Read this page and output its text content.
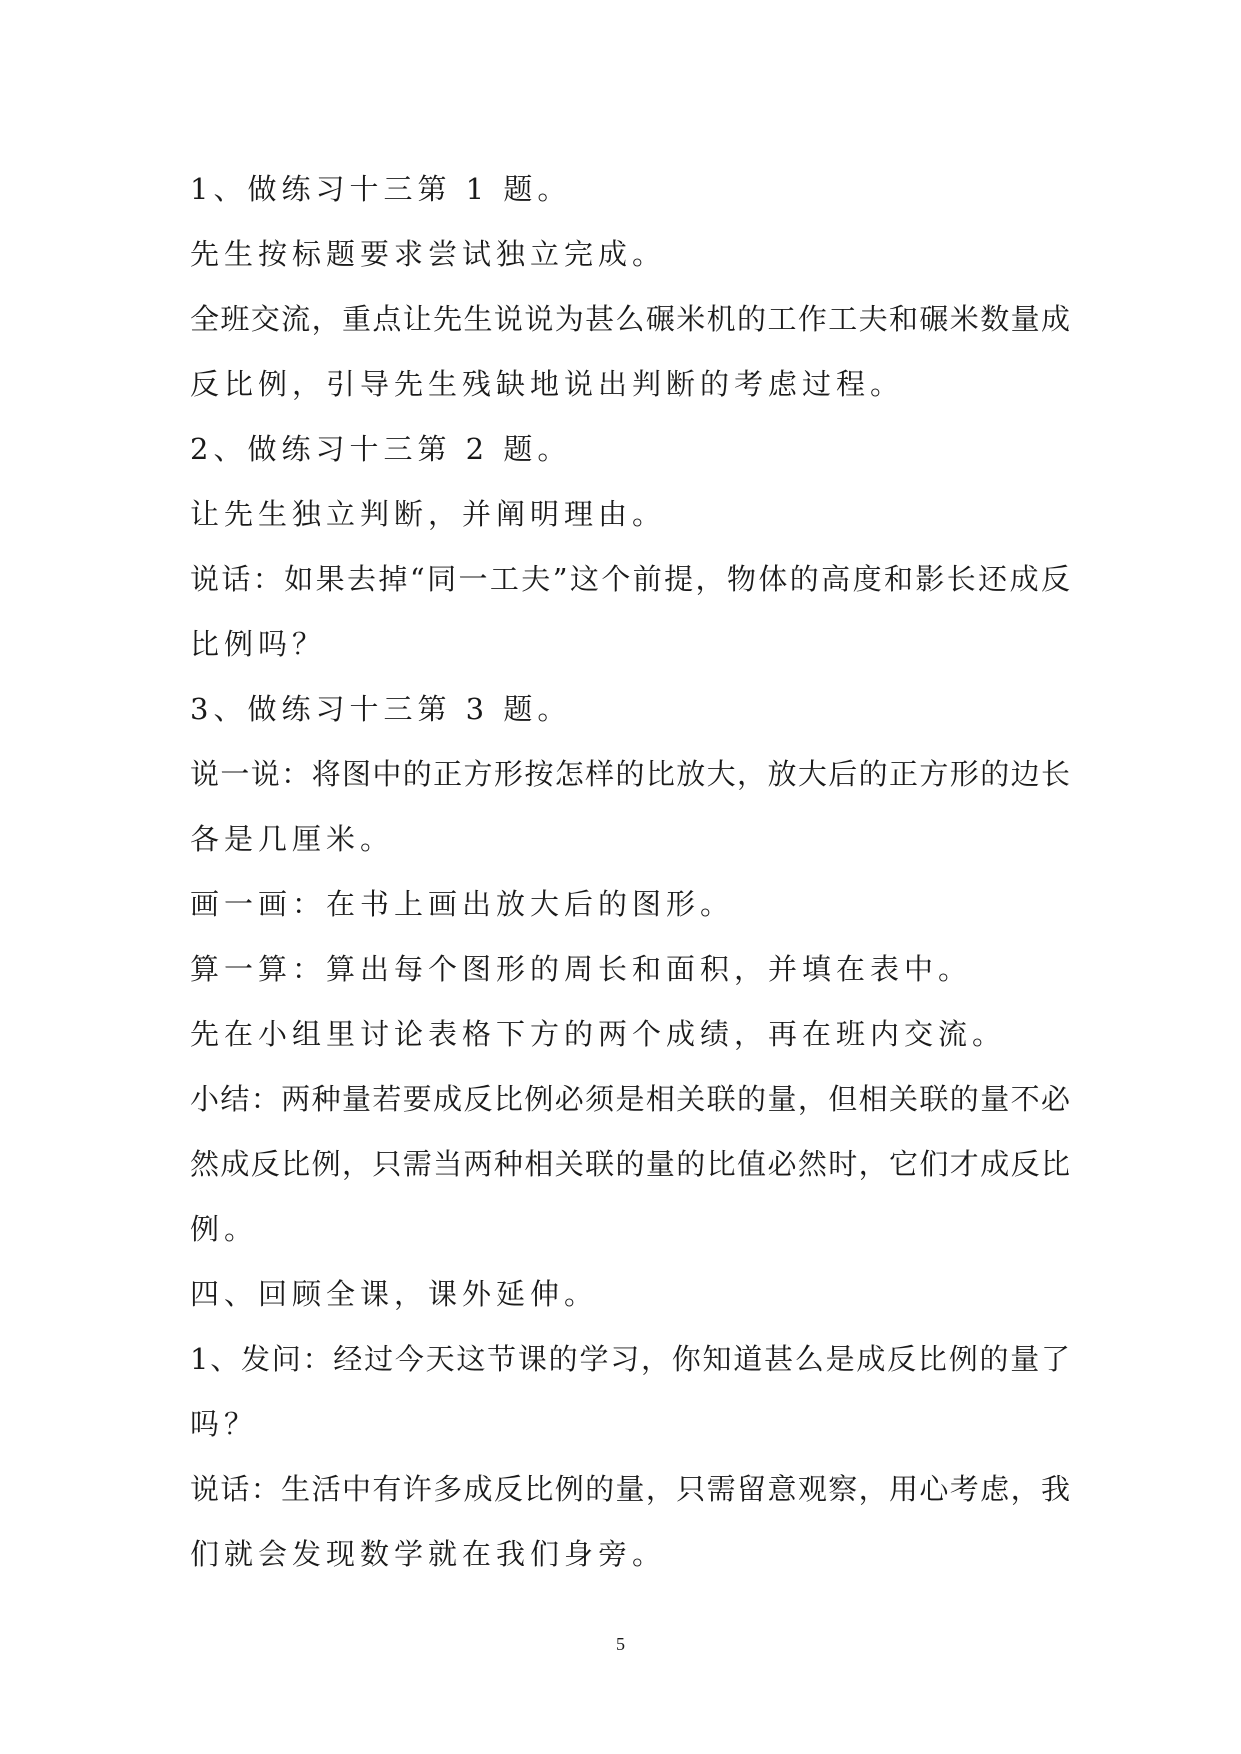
1、做练习十三第 1 题。

先生按标题要求尝试独立完成。

全班交流，重点让先生说说为甚么碾米机的工作工夫和碾米数量成

反比例，引导先生残缺地说出判断的考虑过程。

2、做练习十三第 2 题。

让先生独立判断，并阐明理由。

说话：如果去掉“同一工夫”这个前提，物体的高度和影长还成反

比例吗？

3、做练习十三第 3 题。

说一说：将图中的正方形按怎样的比放大，放大后的正方形的边长

各是几厘米。

画一画：在书上画出放大后的图形。

算一算：算出每个图形的周长和面积，并填在表中。

先在小组里讨论表格下方的两个成绩，再在班内交流。

小结：两种量若要成反比例必须是相关联的量，但相关联的量不必

然成反比例，只需当两种相关联的量的比值必然时，它们才成反比

例。

四、回顾全课，课外延伸。

1、发问：经过今天这节课的学习，你知道甚么是成反比例的量了

吗？

说话：生活中有许多成反比例的量，只需留意观察，用心考虑，我

们就会发现数学就在我们身旁。

5
